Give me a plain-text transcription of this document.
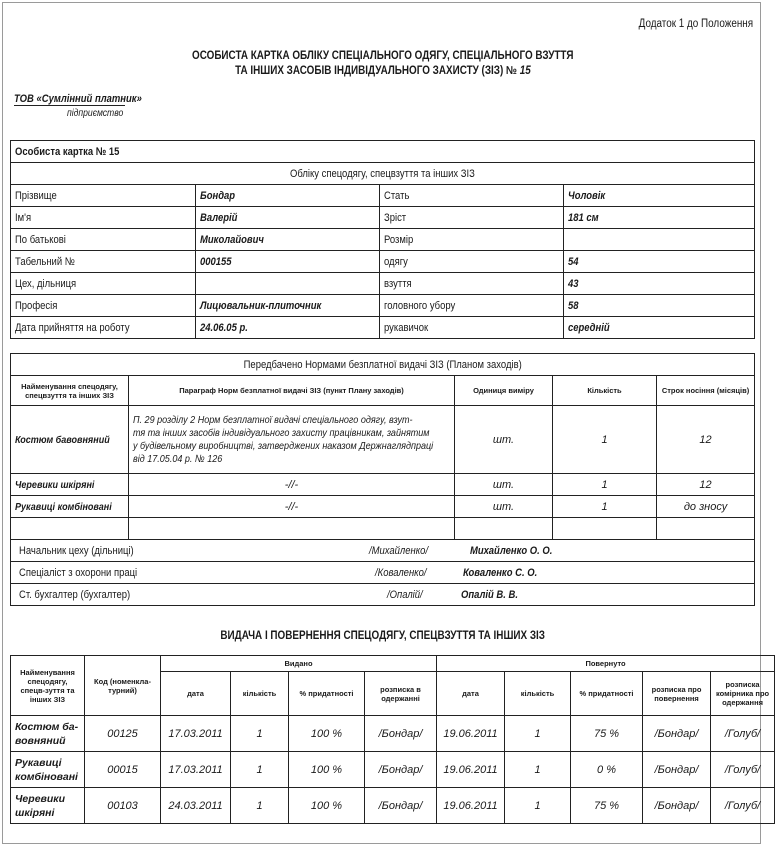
Додаток 1 до Положення
ОСОБИСТА КАРТКА ОБЛІКУ СПЕЦІАЛЬНОГО ОДЯГУ, СПЕЦІАЛЬНОГО ВЗУТТЯ
ТА ІНШИХ ЗАСОБІВ ІНДИВІДУАЛЬНОГО ЗАХИСТУ (ЗІЗ) № 15
ТОВ «Сумлінний платник»
підприємство
Особиста картка № 15			
Обліку спецодягу, спецвзуття та інших ЗІЗ			
Прізвище	Бондар	Стать	Чоловік
Ім'я	Валерій	Зріст	181 см
По батькові	Миколайович	Розмір	
Табельний №	000155	одягу	54
Цех, дільниця		взуття	43
Професія	Лицювальник-плиточник	головного убору	58
Дата прийняття на роботу	24.06.05 р.	рукавичок	середній
Передбачено Нормами безплатної видачі ЗІЗ (Планом заходів)				
Найменування спецодягу, спецвзуття та інших ЗІЗ	Параграф Норм безплатної видачі ЗІЗ (пункт Плану заходів)	Одиниця виміру	Кількість	Строк носіння (місяців)
Костюм бавовняний	П. 29 розділу 2 Норм безплатної видачі спеціального одягу, взут-
тя та інших засобів індивідуального захисту працівникам, зайнятим
у будівельному виробництві, затверджених наказом Держнаглядпраці
від 17.05.04 р. № 126	шт.	1	12
Черевики шкіряні	-//-	шт.	1	12
Рукавиці комбіновані	-//-	шт.	1	до зносу

Начальник цеху (дільниці)		/Михайленко/ Михайленко О. О.		
Спеціаліст з охорони праці		/Коваленко/ Коваленко С. О.		
Ст. бухгалтер (бухгалтер)		/Опалій/ Опалій В. В.		
ВИДАЧА І ПОВЕРНЕННЯ СПЕЦОДЯГУ, СПЕЦВЗУТТЯ ТА ІНШИХ ЗІЗ
Найменування спецодягу, спецв-зуття та інших ЗІЗ	Код (номенкла-турний)	Видано				Повернуто				
		дата	кількість	% придатності	розписка в одержанні	дата	кількість	% придатності	розписка про повернення	розписка комірника про одержання
Костюм ба-вовняний	00125	17.03.2011	1	100 %	/Бондар/	19.06.2011	1	75 %	/Бондар/	/Голуб/
Рукавиці комбіновані	00015	17.03.2011	1	100 %	/Бондар/	19.06.2011	1	0 %	/Бондар/	/Голуб/
Черевики шкіряні	00103	24.03.2011	1	100 %	/Бондар/	19.06.2011	1	75 %	/Бондар/	/Голуб/
